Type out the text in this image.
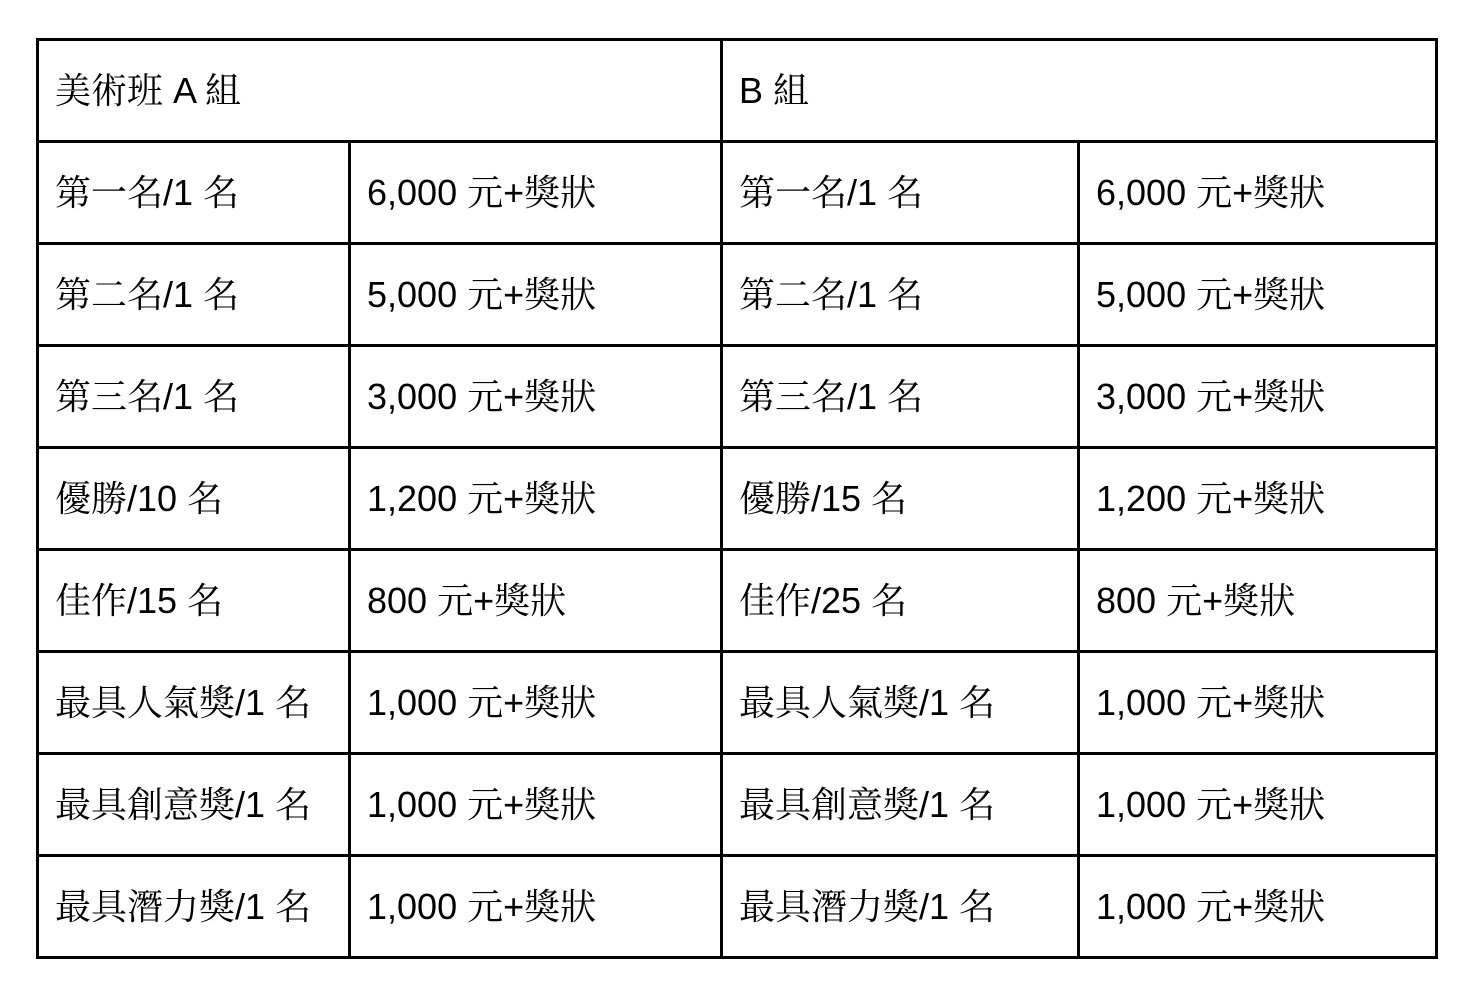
美術班 A 組		B 組	
第一名/1 名	6,000 元+獎狀	第一名/1 名	6,000 元+獎狀
第二名/1 名	5,000 元+獎狀	第二名/1 名	5,000 元+獎狀
第三名/1 名	3,000 元+獎狀	第三名/1 名	3,000 元+獎狀
優勝/10 名	1,200 元+獎狀	優勝/15 名	1,200 元+獎狀
佳作/15 名	800 元+獎狀	佳作/25 名	800 元+獎狀
最具人氣獎/1 名	1,000 元+獎狀	最具人氣獎/1 名	1,000 元+獎狀
最具創意獎/1 名	1,000 元+獎狀	最具創意獎/1 名	1,000 元+獎狀
最具潛力獎/1 名	1,000 元+獎狀	最具潛力獎/1 名	1,000 元+獎狀
